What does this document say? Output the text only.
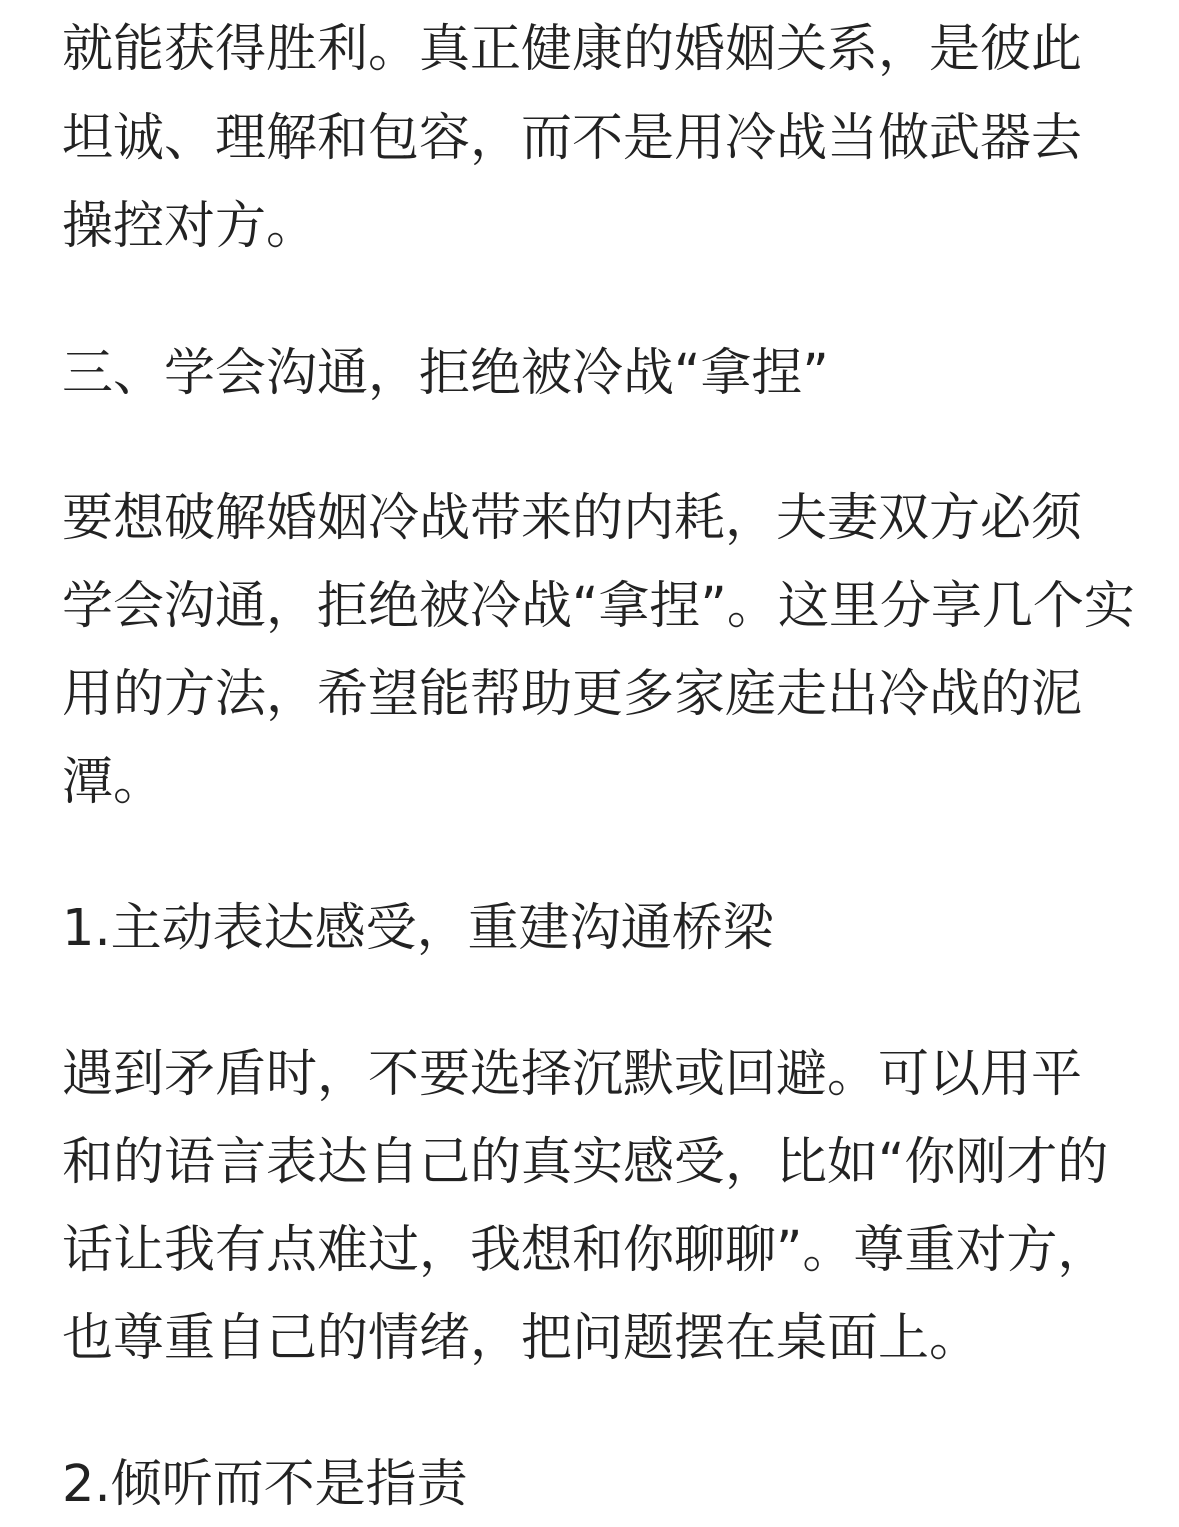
就能获得胜利。真正健康的婚姻关系，是彼此
坦诚、理解和包容，而不是用冷战当做武器去
操控对方。
三、学会沟通，拒绝被冷战“拿捏”
要想破解婚姻冷战带来的内耗，夫妻双方必须
学会沟通，拒绝被冷战“拿捏”。这里分享几个实
用的方法，希望能帮助更多家庭走出冷战的泥
潭。
1.主动表达感受，重建沟通桥梁
遇到矛盾时，不要选择沉默或回避。可以用平
和的语言表达自己的真实感受，比如“你刚才的
话让我有点难过，我想和你聊聊”。尊重对方，
也尊重自己的情绪，把问题摆在桌面上。
2.倾听而不是指责
